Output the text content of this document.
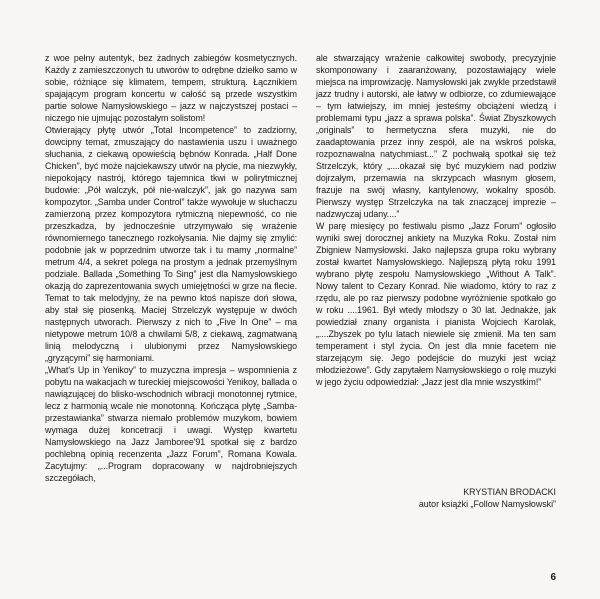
z woe pełny autentyk, bez żadnych zabiegów kosmetycznych. Każdy z zamieszczonych tu utworów to odrębne dziełko samo w sobie, różniące się klimatem, tempem, strukturą. Łącznikiem spajającym program koncertu w całość są przede wszystkim partie solowe Namysłowskiego – jazz w najczystszej postaci – niczego nie ujmując pozostałym solistom!

Otwierający płytę utwór „Total Incompetence” to zadziorny, dowcipny temat, zmuszający do nastawienia uszu i uważnego słuchania, z ciekawą opowieścią bębnów Konrada. „Half Done Chicken”, być może najciekawszy utwór na płycie, ma niezwykły, niepokojący nastrój, którego tajemnica tkwi w polirytmicznej budowie: „Pół walczyk, pół nie-walczyk”, jak go nazywa sam kompozytor. „Samba under Control” także wywołuje w słuchaczu zamierzoną przez kompozytora rytmiczną niepewność, co nie przeszkadza, by jednocześnie utrzymywało się wrażenie równomiernego tanecznego rozkołysania. Nie dajmy się zmylić: podobnie jak w poprzednim utworze tak i tu mamy „normalne” metrum 4/4, a sekret polega na prostym a jednak przemyślnym podziale. Ballada „Something To Sing” jest dla Namysłowskiego okazją do zaprezentowania swych umiejętności w grze na flecie. Temat to tak melodyjny, że na pewno ktoś napisze doń słowa, aby stał się piosenką. Maciej Strzelczyk występuje w dwóch następnych utworach. Pierwszy z nich to „Five In One” – ma nietypowe metrum 10/8 a chwilami 5/8, z ciekawą, zagmatwaną linią melodyczną i ulubionymi przez Namysłowskiego „gryzącymi” się harmoniami.

„What's Up in Yenikoy” to muzyczna impresja – wspomnienia z pobytu na wakacjach w tureckiej miejscowości Yenikoy, ballada o nawiązującej do blisko-wschodnich wibracji monotonnej rytmice, lecz z harmonią wcale nie monotonną. Kończąca płytę „Samba-przestawianka” stwarza niemało problemów muzykom, bowiem wymaga dużej koncetracji i uwagi. Występ kwartetu Namysłowskiego na Jazz Jamboree'91 spotkał się z bardzo pochlebną opinią recenzenta „Jazz Forum”, Romana Kowala. Zacytujmy: „...Program dopracowany w najdrobniejszych szczegółach,

ale stwarzający wrażenie całkowitej swobody, precyzyjnie skomponowany i zaaranżowany, pozostawiający wiele miejsca na improwizację. Namysłowski jak zwykle przedstawił jazz trudny i autorski, ale łatwy w odbiorze, co zdumiewające – tym łatwiejszy, im mniej jesteśmy obciążeni wiedzą i problemami typu „jazz a sprawa polska”. Świat Zbyszkowych „originals” to hermetyczna sfera muzyki, nie do zaadaptowania przez inny zespół, ale na wskroś polska, rozpoznawalna natychmiast...” Z pochwałą spotkał się też Strzelczyk, który „....okazał się być muzykiem nad podziw dojrzałym, przemawia na skrzypcach własnym głosem, frazuje na swój własny, kantylenowy, wokalny sposób. Pierwszy występ Strzelczyka na tak znaczącej imprezie – nadzwyczaj udany....”

W parę miesięcy po festiwalu pismo „Jazz Forum” ogłosiło wyniki swej dorocznej ankiety na Muzyka Roku. Został nim Zbigniew Namysłowski. Jako najlepsza grupa roku wybrany został kwartet Namysłowskiego. Najlepszą płytą roku 1991 wybrano płytę zespołu Namysłowskiego „Without A Talk”. Nowy talent to Cezary Konrad. Nie wiadomo, który to raz z rzędu, ale po raz pierwszy podobne wyróżnienie spotkało go w roku ....1961. Był wtedy młodszy o 30 lat. Jednakże, jak powiedział znany organista i pianista Wojciech Karolak, „....Zbyszek po tylu latach niewiele się zmienił. Ma ten sam temperament i styl życia. On jest dla mnie facetem nie starzejącym się. Jego podejście do muzyki jest wciąż młodzieżowe”. Gdy zapytałem Namysłowskiego o rolę muzyki w jego życiu odpowiedział: „Jazz jest dla mnie wszystkim!”

KRYSTIAN BRODACKI
autor książki „Follow Namysłowski”
6
